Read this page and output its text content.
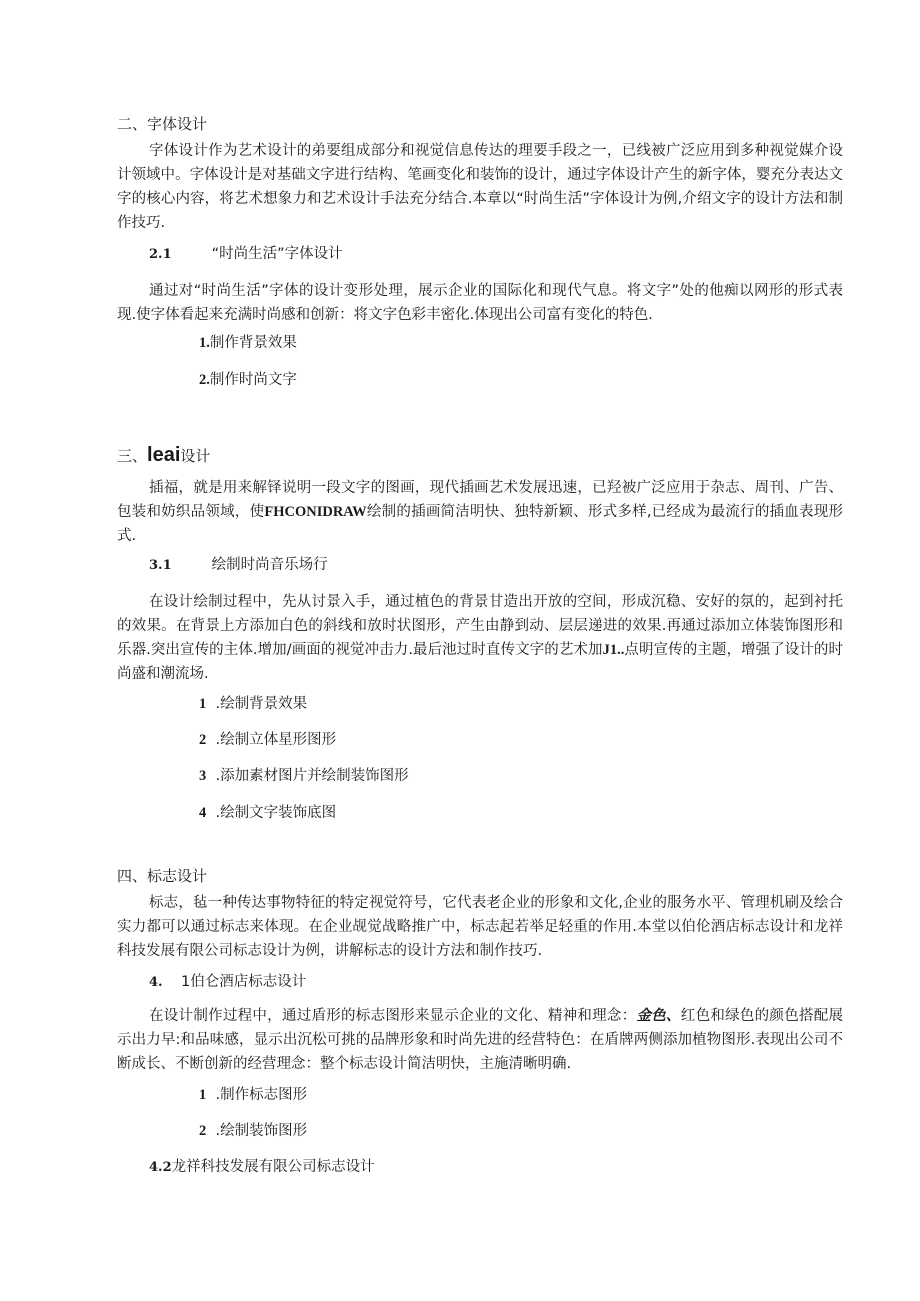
二、字体设计
字体设计作为艺术设计的弟要组成部分和视觉信息传达的理要手段之一，已线被广泛应用到多种视觉媒介设计领域中。字体设计是对基础文字进行结构、笔画变化和装饰的设计，通过字体设计产生的新字体，婴充分表达文字的核心内容，将艺术想象力和艺术设计手法充分结合.本章以“时尚生活”字体设计为例,介绍文字的设计方法和制作技巧.
2.1	“时尚生活”字体设计
通过对“时尚生活”字体的设计变形处理，展示企业的国际化和现代气息。将文字”处的他痴以网形的形式表现.使字体看起来充满时尚感和创新：将文字色彩丰密化.体现出公司富有变化的特色.
1.制作背景效果
2.制作时尚文字
三、leai设计
插福，就是用来解铎说明一段文字的图画，现代插画艺术发展迅速，已羟被广泛应用于杂志、周刊、广告、包装和妨织品领域，使FHCONIDRAW绘制的插画简洁明快、独特新颖、形式多样,已经成为最流行的插血表现形式.
3.1	绘制时尚音乐场行
在设计绘制过程中，先从讨景入手，通过植色的背景甘造出开放的空间，形成沉稳、安好的氛的，起到衬托的效果。在背景上方添加白色的斜线和放时状图形，产生由静到动、层层递进的效果.再通过添加立体装饰图形和乐器.突出宣传的主体.增加/画面的视觉冲击力.最后池过时直传文字的艺术加J1..点明宣传的主题，增强了设计的时尚盛和潮流场.
1 .绘制背景效果
2 .绘制立体星形图形
3 .添加素材图片并绘制装饰图形
4 .绘制文字装饰底图
四、标志设计
标志，毡一种传达事物特征的特定视觉符号，它代表老企业的形象和文化,企业的服务水平、管理机刷及绘合实力都可以通过标志来体现。在企业觇觉战略推广中，标志起若举足轻重的作用.本堂以伯伦酒店标志设计和龙祥科技发展有限公司标志设计为例，讲解标志的设计方法和制作技巧.
4. 1伯仑酒店标志设计
在设计制作过程中，通过盾形的标志图形来显示企业的文化、精神和理念：金色、红色和绿色的颜色搭配展示出力早:和品味感，显示出沉松可挑的品牌形象和时尚先进的经营特色：在盾牌两侧添加植物图形.表现出公司不断成长、不断创新的经营理念：整个标志设计简洁明快，主施清晰明确.
1 .制作标志图形
2 .绘制装饰图形
4.2龙祥科技发展有限公司标志设计
